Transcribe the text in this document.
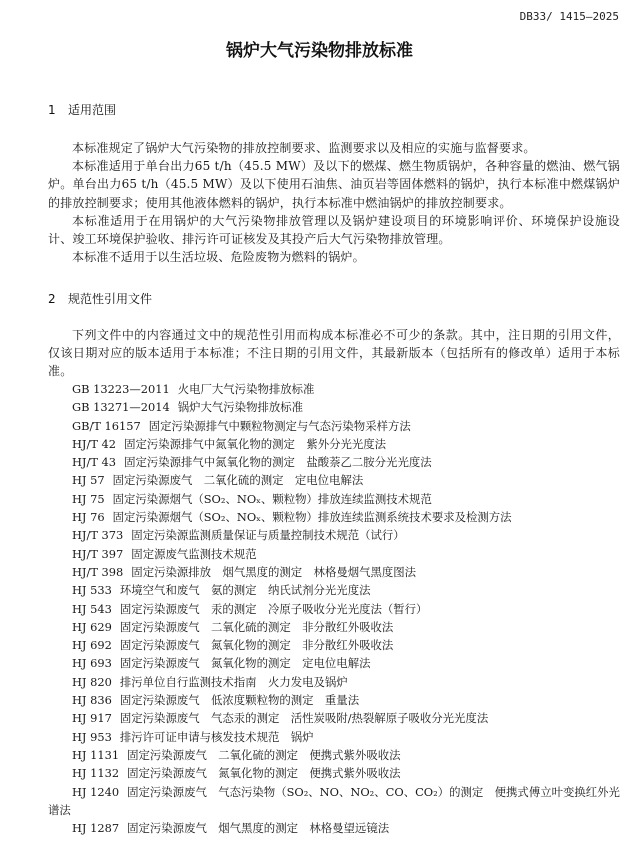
DB33/ 1415—2025
锅炉大气污染物排放标准
1 适用范围

本标准规定了锅炉大气污染物的排放控制要求、监测要求以及相应的实施与监督要求。

本标准适用于单台出力65 t/h（45.5 MW）及以下的燃煤、燃生物质锅炉，各种容量的燃油、燃气锅炉。单台出力65 t/h（45.5 MW）及以下使用石油焦、油页岩等固体燃料的锅炉，执行本标准中燃煤锅炉的排放控制要求；使用其他液体燃料的锅炉，执行本标准中燃油锅炉的排放控制要求。

本标准适用于在用锅炉的大气污染物排放管理以及锅炉建设项目的环境影响评价、环境保护设施设计、竣工环境保护验收、排污许可证核发及其投产后大气污染物排放管理。

本标准不适用于以生活垃圾、危险废物为燃料的锅炉。

2 规范性引用文件

下列文件中的内容通过文中的规范性引用而构成本标准必不可少的条款。其中，注日期的引用文件，仅该日期对应的版本适用于本标准；不注日期的引用文件，其最新版本（包括所有的修改单）适用于本标准。

GB 13223—2011 火电厂大气污染物排放标准

GB 13271—2014 锅炉大气污染物排放标准

GB/T 16157 固定污染源排气中颗粒物测定与气态污染物采样方法

HJ/T 42 固定污染源排气中氮氧化物的测定　紫外分光光度法

HJ/T 43 固定污染源排气中氮氧化物的测定　盐酸萘乙二胺分光光度法

HJ 57 固定污染源废气　二氧化硫的测定　定电位电解法

HJ 75 固定污染源烟气（SO₂、NOₓ、颗粒物）排放连续监测技术规范

HJ 76 固定污染源烟气（SO₂、NOₓ、颗粒物）排放连续监测系统技术要求及检测方法

HJ/T 373 固定污染源监测质量保证与质量控制技术规范（试行）

HJ/T 397 固定源废气监测技术规范

HJ/T 398 固定污染源排放　烟气黑度的测定　林格曼烟气黑度图法

HJ 533 环境空气和废气　氨的测定　纳氏试剂分光光度法

HJ 543 固定污染源废气　汞的测定　冷原子吸收分光光度法（暂行）

HJ 629 固定污染源废气　二氧化硫的测定　非分散红外吸收法

HJ 692 固定污染源废气　氮氧化物的测定　非分散红外吸收法

HJ 693 固定污染源废气　氮氧化物的测定　定电位电解法

HJ 820 排污单位自行监测技术指南　火力发电及锅炉

HJ 836 固定污染源废气　低浓度颗粒物的测定　重量法

HJ 917 固定污染源废气　气态汞的测定　活性炭吸附/热裂解原子吸收分光光度法

HJ 953 排污许可证申请与核发技术规范　锅炉

HJ 1131 固定污染源废气　二氧化硫的测定　便携式紫外吸收法

HJ 1132 固定污染源废气　氮氧化物的测定　便携式紫外吸收法

HJ 1240 固定污染源废气　气态污染物（SO₂、NO、NO₂、CO、CO₂）的测定　便携式傅立叶变换红外光谱法

HJ 1287 固定污染源废气　烟气黑度的测定　林格曼望远镜法
